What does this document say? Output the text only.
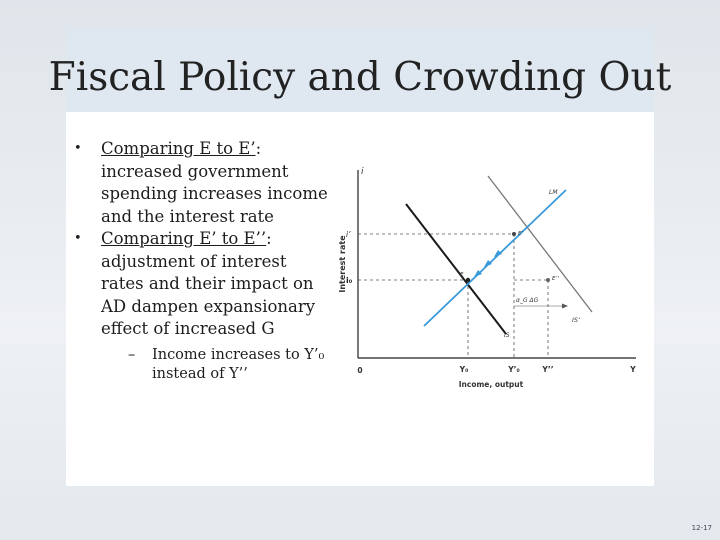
Fiscal Policy and Crowding Out
• Comparing E to E’: increased government spending increases income and the interest rate
• Comparing E’ to E’’: adjustment of interest rates and their impact on AD dampen expansionary effect of increased G
–	Income increases to Y’₀ instead of Y’’
i
Interest rate
Income, output
0
i’
i₀
Y₀	Y’₀	Y’’	Y
LM
IS’
IS
α_G ΔG
E
E’
E’’
12-17
